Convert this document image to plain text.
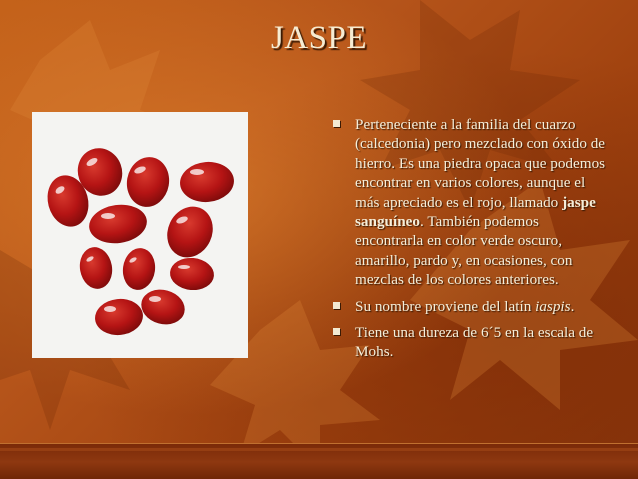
JASPE
Perteneciente a la familia del cuarzo (calcedonia) pero mezclado con óxido de hierro. Es una piedra opaca que podemos encontrar en varios colores, aunque el más apreciado es el rojo, llamado jaspe sanguíneo. También podemos encontrarla en color verde oscuro, amarillo, pardo y, en ocasiones, con mezclas de los colores anteriores.
Su nombre proviene del latín iaspis.
Tiene una dureza de 6´5 en la escala de Mohs.
